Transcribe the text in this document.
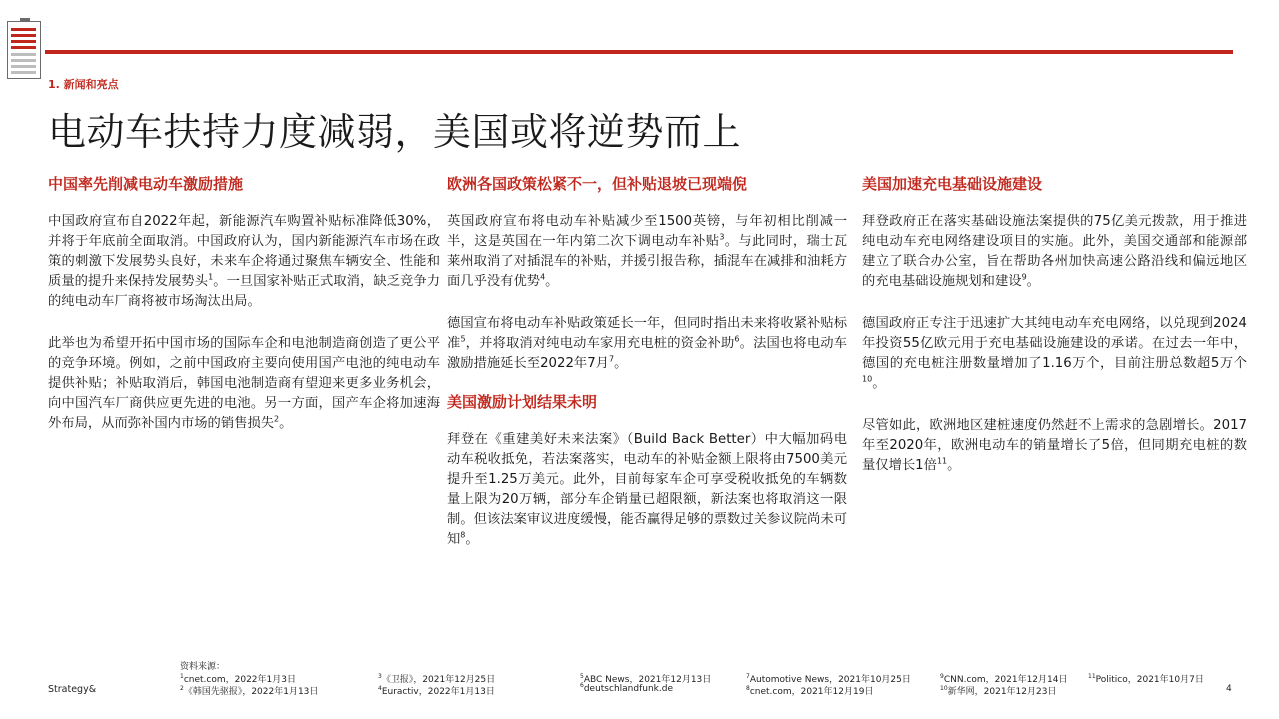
1. 新闻和亮点
电动车扶持力度减弱，美国或将逆势而上
中国率先削减电动车激励措施

中国政府宣布自2022年起，新能源汽车购置补贴标准降低30%，并将于年底前全面取消。中国政府认为，国内新能源汽车市场在政策的刺激下发展势头良好，未来车企将通过聚焦车辆安全、性能和质量的提升来保持发展势头$^1$。一旦国家补贴正式取消，缺乏竞争力的纯电动车厂商将被市场淘汰出局。

此举也为希望开拓中国市场的国际车企和电池制造商创造了更公平的竞争环境。例如，之前中国政府主要向使用国产电池的纯电动车提供补贴；补贴取消后，韩国电池制造商有望迎来更多业务机会，向中国汽车厂商供应更先进的电池。另一方面，国产车企将加速海外布局，从而弥补国内市场的销售损失$^2$。

欧洲各国政策松紧不一，但补贴退坡已现端倪

英国政府宣布将电动车补贴减少至1500英镑，与年初相比削减一半，这是英国在一年内第二次下调电动车补贴$^3$。与此同时，瑞士瓦莱州取消了对插混车的补贴，并援引报告称，插混车在减排和油耗方面几乎没有优势$^4$。

德国宣布将电动车补贴政策延长一年，但同时指出未来将收紧补贴标准$^5$，并将取消对纯电动车家用充电桩的资金补助$^6$。法国也将电动车激励措施延长至2022年7月$^7$。

美国激励计划结果未明

拜登在《重建美好未来法案》（Build Back Better）中大幅加码电动车税收抵免，若法案落实，电动车的补贴金额上限将由7500美元提升至1.25万美元。此外，目前每家车企可享受税收抵免的车辆数量上限为20万辆，部分车企销量已超限额，新法案也将取消这一限制。但该法案审议进度缓慢，能否赢得足够的票数过关参议院尚未可知$^8$。

美国加速充电基础设施建设

拜登政府正在落实基础设施法案提供的75亿美元拨款，用于推进纯电动车充电网络建设项目的实施。此外，美国交通部和能源部建立了联合办公室，旨在帮助各州加快高速公路沿线和偏远地区的充电基础设施规划和建设$^9$。

德国政府正专注于迅速扩大其纯电动车充电网络，以兑现到2024年投资55亿欧元用于充电基础设施建设的承诺。在过去一年中，德国的充电桩注册数量增加了1.16万个，目前注册总数超5万个$^{10}$。

尽管如此，欧洲地区建桩速度仍然赶不上需求的急剧增长。2017年至2020年，欧洲电动车的销量增长了5倍，但同期充电桩的数量仅增长1倍$^{11}$。

资料来源：
$^1$cnet.com，2022年1月3日
$^2$《韩国先驱报》，2022年1月13日
$^3$《卫报》，2021年12月25日
$^4$Euractiv，2022年1月13日
$^5$ABC News，2021年12月13日
$^6$deutschlandfunk.de
$^7$Automotive News，2021年10月25日
$^8$cnet.com，2021年12月19日
$^9$CNN.com，2021年12月14日
$^{10}$新华网，2021年12月23日
$^{11}$Politico，2021年10月7日
Strategy&	4
